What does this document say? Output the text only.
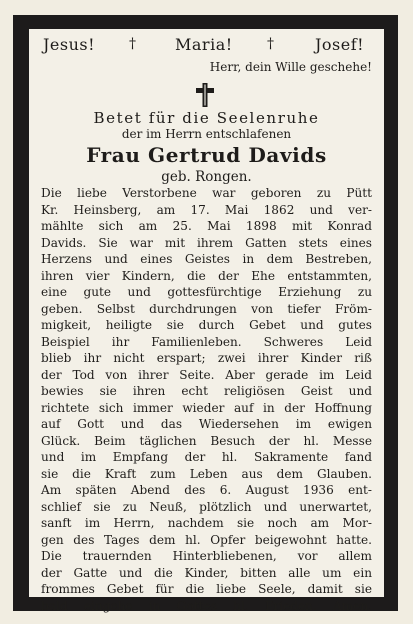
Jesus! † Maria! †	Josef!
Herr, dein Wille geschehe!
Betet für die Seelenruhe
der im Herrn entschlafenen
Frau Gertrud Davids
geb. Rongen.
Die liebe Verstorbene war geboren zu Pütt
Kr. Heinsberg, am 17. Mai 1862 und ver-
mählte sich am 25. Mai 1898 mit Konrad
Davids. Sie war mit ihrem Gatten stets eines
Herzens und eines Geistes in dem Bestreben,
ihren vier Kindern, die der Ehe entstammten,
eine gute und gottesfürchtige Erziehung zu
geben. Selbst durchdrungen von tiefer Fröm-
migkeit, heiligte sie durch Gebet und gutes
Beispiel ihr Familienleben. Schweres Leid
blieb ihr nicht erspart; zwei ihrer Kinder riß
der Tod von ihrer Seite. Aber gerade im Leid
bewies sie ihren echt religiösen Geist und
richtete sich immer wieder auf in der Hoffnung
auf Gott und das Wiedersehen im ewigen
Glück. Beim täglichen Besuch der hl. Messe
und im Empfang der hl. Sakramente fand
sie die Kraft zum Leben aus dem Glauben.
Am späten Abend des 6. August 1936 ent-
schlief sie zu Neuß, plötzlich und unerwartet,
sanft im Herrn, nachdem sie noch am Mor-
gen des Tages dem hl. Opfer beigewohnt hatte.
Die trauernden Hinterbliebenen, vor allem
der Gatte und die Kinder, bitten alle um ein
frommes Gebet für die liebe Seele, damit sie
bald eingehe in Gottes hl. Frieden. Amen.
